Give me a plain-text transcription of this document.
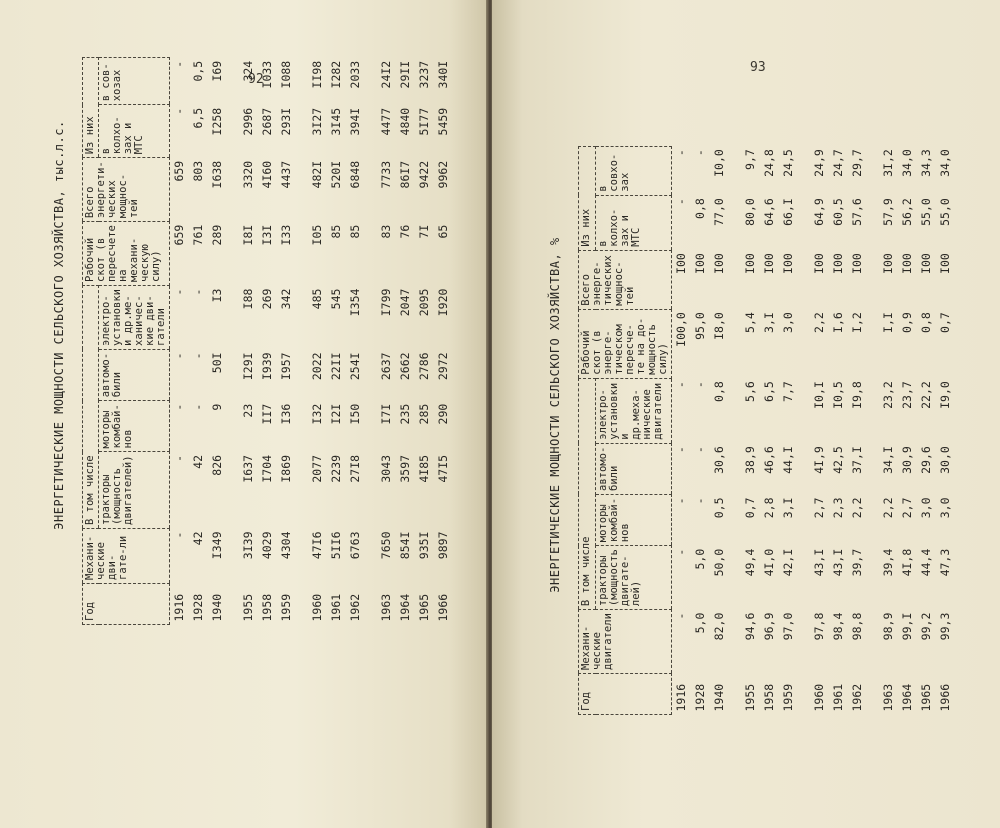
92
ЭНЕРГЕТИЧЕСКИЕ МОЩНОСТИ СЕЛЬСКОГО ХОЗЯЙСТВА, тыс.л.с.
Год	Механи-ческие дви-гате-ли	В том числе				Рабочий скот (в пересчете на механи-ческую силу)	Всего энергети-ческих мощнос-тей	Из них	

		тракторы (мощность двигателей)	моторы комбай-нов	автомо-били	электро-установки и др.ме-ханичес-кие дви-гатели			в колхо-зах и МТС	в сов-хозах

1916	-	-	-	-	-	659	659	-	-
1928	42	42	-	-	-	761	803	6,5	0,5
1940	I349	826	9	50I	I3	289	I638	I258	I69
1955	3I39	I637	23	I29I	I88	I8I	3320	2996	324
1958	4029	I704	II7	I939	269	I3I	4I60	2687	I033
1959	4304	I869	I36	I957	342	I33	4437	293I	I088
1960	47I6	2077	I32	2022	485	I05	482I	3I27	II98
1961	5II6	2239	I2I	22II	545	85	520I	3I45	I282
1962	6763	27I8	I50	254I	I354	85	6848	394I	2033
1963	7650	3043	I7I	2637	I799	83	7733	4477	24I2
1964	854I	3597	235	2662	2047	76	86I7	4840	29II
1965	935I	4I85	285	2786	2095	7I	9422	5I77	3237
1966	9897	47I5	290	2972	I920	65	9962	5459	340I	93
ЭНЕРГЕТИЧЕСКИЕ МОЩНОСТИ СЕЛЬСКОГО ХОЗЯЙСТВА, %
Год	Механи-ческие двигатели	В том числе				Рабочий скот (в энерге-тическом пересче-те на до-мощность силу)	Всего энерге-тических мощнос-тей	Из них	

		тракторы (мощность двигате-лей)	моторы комбай-нов	автомо-били	электро-установки и др.меха-нические двигатели			в колхо-зах и МТС	в совхо-зах

1916	-	-	-	-	-	I00,0	I00	-	-
1928	5,0	5,0	-	-	-	95,0	I00	0,8	-
1940	82,0	50,0	0,5	30,6	0,8	I8,0	I00	77,0	I0,0
1955	94,6	49,4	0,7	38,9	5,6	5,4	I00	80,0	9,7
1958	96,9	4I,0	2,8	46,6	6,5	3,I	I00	64,6	24,8
1959	97,0	42,I	3,I	44,I	7,7	3,0	I00	66,I	24,5
1960	97,8	43,I	2,7	4I,9	I0,I	2,2	I00	64,9	24,9
1961	98,4	43,I	2,3	42,5	I0,5	I,6	I00	60,5	24,7
1962	98,8	39,7	2,2	37,I	I9,8	I,2	I00	57,6	29,7
1963	98,9	39,4	2,2	34,I	23,2	I,I	I00	57,9	3I,2
1964	99,I	4I,8	2,7	30,9	23,7	0,9	I00	56,2	34,0
1965	99,2	44,4	3,0	29,6	22,2	0,8	I00	55,0	34,3
1966	99,3	47,3	3,0	30,0	I9,0	0,7	I00	55,0	34,0
